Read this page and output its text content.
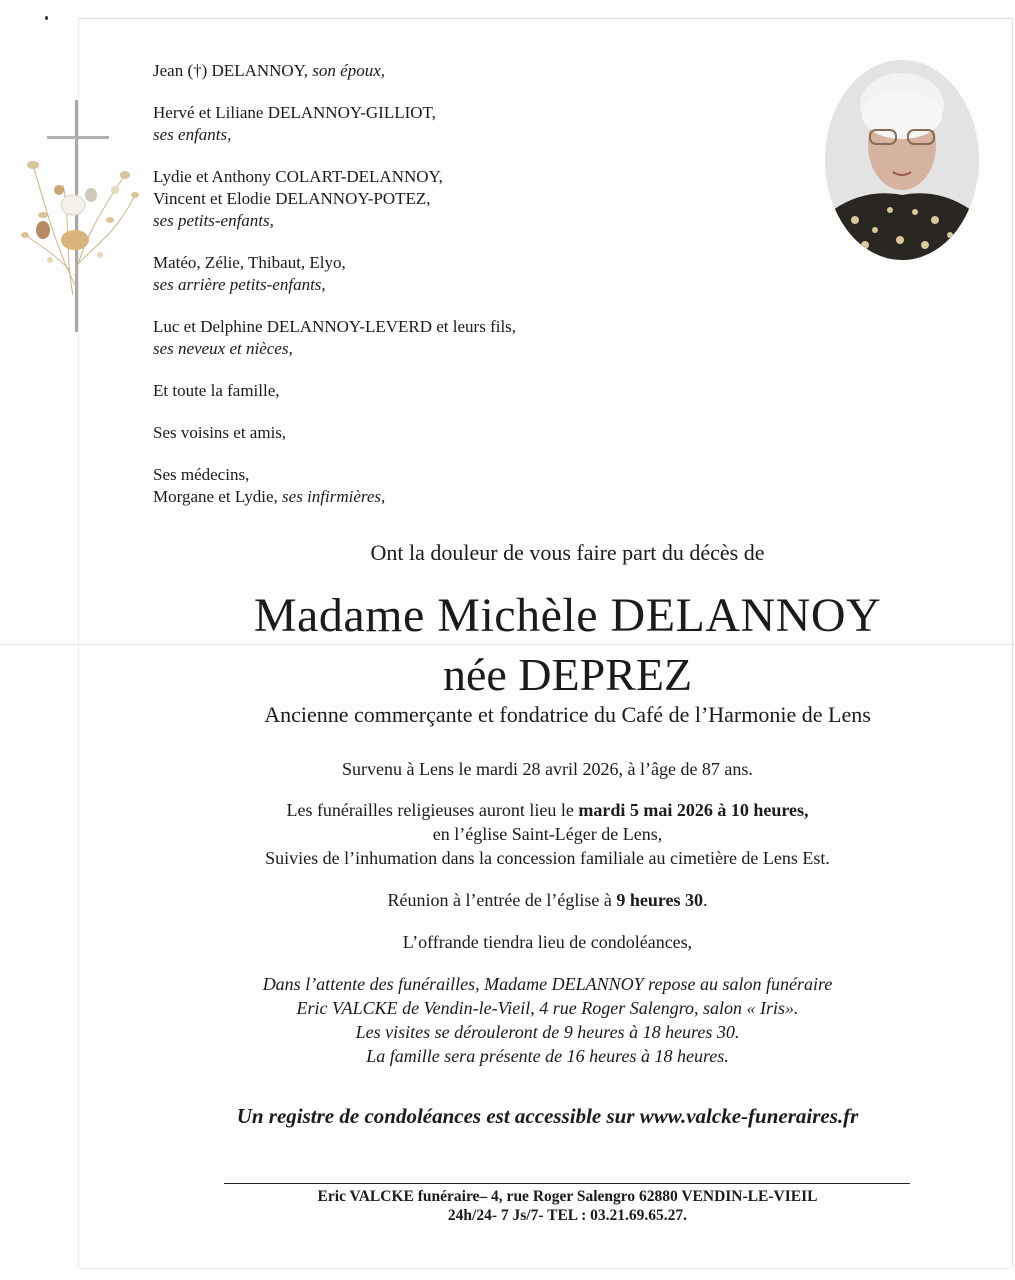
Jean (†) DELANNOY, son époux,
Hervé et Liliane DELANNOY-GILLIOT,
ses enfants,
Lydie et Anthony COLART-DELANNOY,
Vincent et Elodie DELANNOY-POTEZ,
ses petits-enfants,
Matéo, Zélie, Thibaut, Elyo,
ses arrière petits-enfants,
Luc et Delphine DELANNOY-LEVERD et leurs fils,
ses neveux et nièces,
Et toute la famille,
Ses voisins et amis,
Ses médecins,
Morgane et Lydie, ses infirmières,
Ont la douleur de vous faire part du décès de
Madame Michèle DELANNOY
née DEPREZ
Ancienne commerçante et fondatrice du Café de l’Harmonie de Lens
Survenu à Lens le mardi 28 avril 2026, à l’âge de 87 ans.
Les funérailles religieuses auront lieu le mardi 5 mai 2026 à 10 heures,
en l’église Saint-Léger de Lens,
Suivies de l’inhumation dans la concession familiale au cimetière de Lens Est.
Réunion à l’entrée de l’église à 9 heures 30.
L’offrande tiendra lieu de condoléances,
Dans l’attente des funérailles, Madame DELANNOY repose au salon funéraire
Eric VALCKE de Vendin-le-Vieil, 4 rue Roger Salengro, salon « Iris».
Les visites se dérouleront de 9 heures à 18 heures 30.
La famille sera présente de 16 heures à 18 heures.
Un registre de condoléances est accessible sur www.valcke-funeraires.fr
Eric VALCKE funéraire– 4, rue Roger Salengro 62880 VENDIN-LE-VIEIL
24h/24- 7 Js/7- TEL : 03.21.69.65.27.
